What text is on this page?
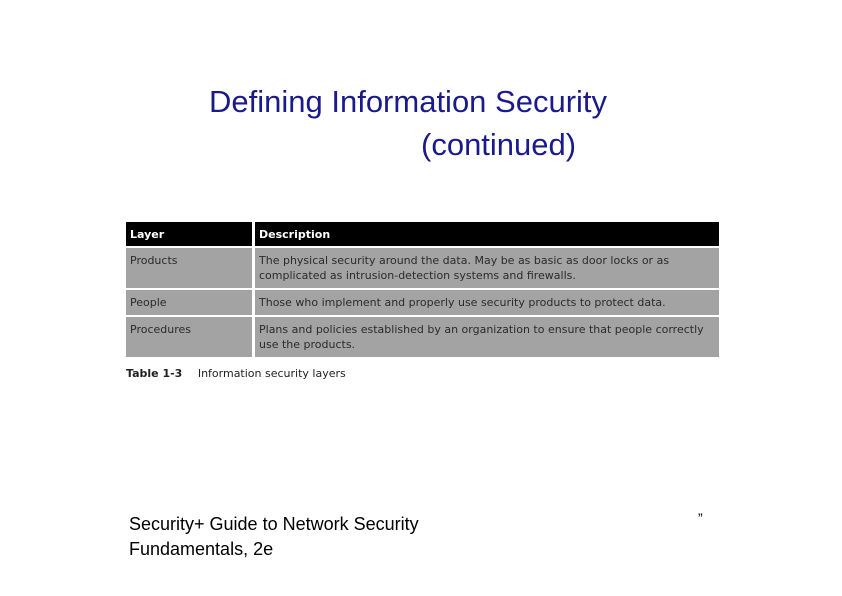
Defining Information Security
(continued)
Layer	Description
Products	The physical security around the data. May be as basic as door locks or as complicated as intrusion-detection systems and firewalls.
People	Those who implement and properly use security products to protect data.
Procedures	Plans and policies established by an organization to ensure that people correctly use the products.
Table 1-3 Information security layers
Security+ Guide to Network Security
Fundamentals, 2e
”
